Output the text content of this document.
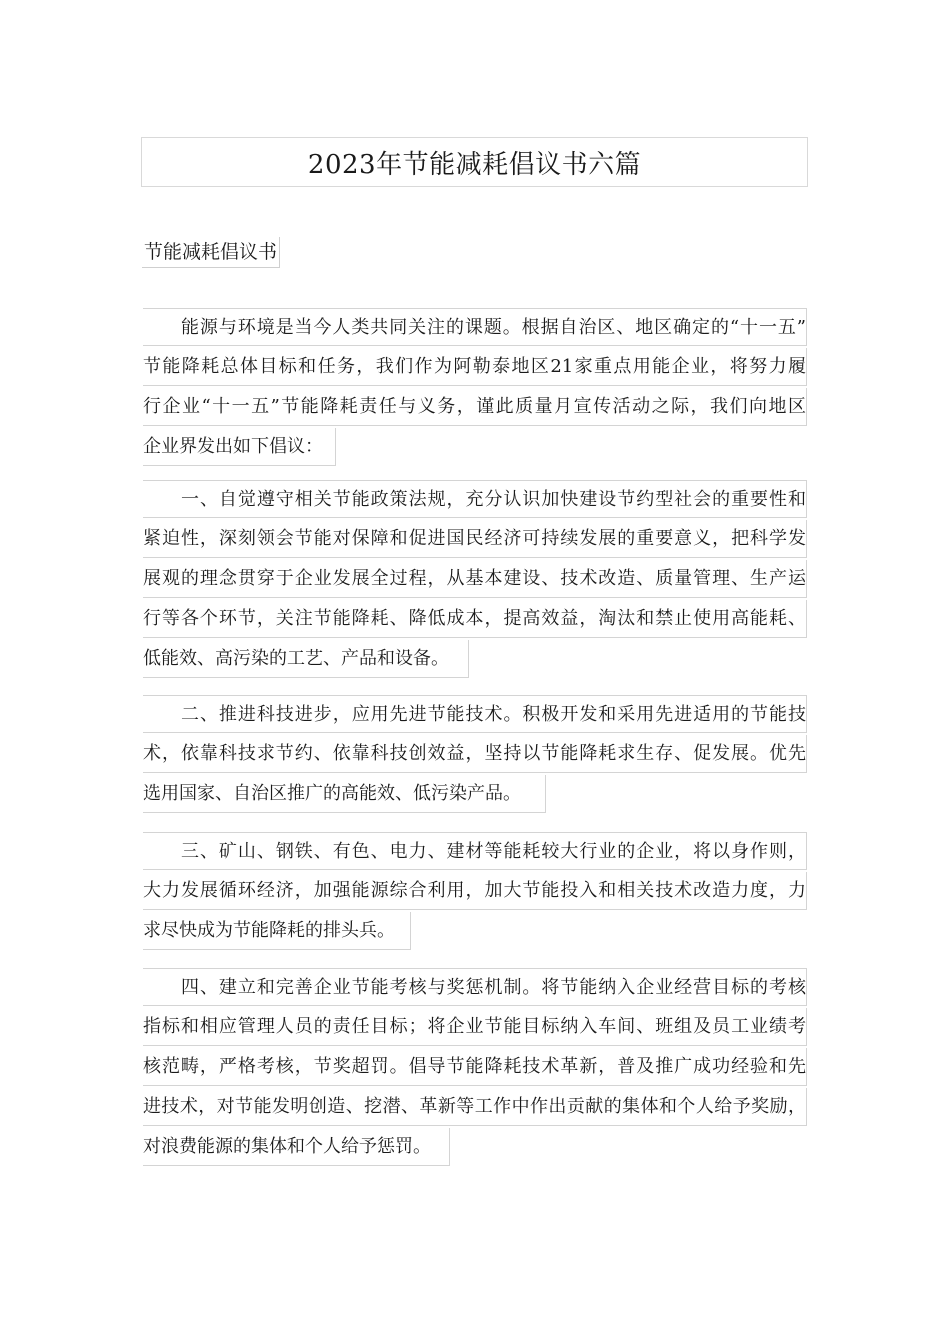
2023年节能减耗倡议书六篇
节能减耗倡议书
能源与环境是当今人类共同关注的课题。根据自治区、地区确定的“十一五”
节能降耗总体目标和任务，我们作为阿勒泰地区21家重点用能企业，将努力履
行企业“十一五”节能降耗责任与义务，谨此质量月宣传活动之际，我们向地区
企业界发出如下倡议：
一、自觉遵守相关节能政策法规，充分认识加快建设节约型社会的重要性和
紧迫性，深刻领会节能对保障和促进国民经济可持续发展的重要意义，把科学发
展观的理念贯穿于企业发展全过程，从基本建设、技术改造、质量管理、生产运
行等各个环节，关注节能降耗、降低成本，提高效益，淘汰和禁止使用高能耗、
低能效、高污染的工艺、产品和设备。
二、推进科技进步，应用先进节能技术。积极开发和采用先进适用的节能技
术，依靠科技求节约、依靠科技创效益，坚持以节能降耗求生存、促发展。优先
选用国家、自治区推广的高能效、低污染产品。
三、矿山、钢铁、有色、电力、建材等能耗较大行业的企业，将以身作则，
大力发展循环经济，加强能源综合利用，加大节能投入和相关技术改造力度，力
求尽快成为节能降耗的排头兵。
四、建立和完善企业节能考核与奖惩机制。将节能纳入企业经营目标的考核
指标和相应管理人员的责任目标；将企业节能目标纳入车间、班组及员工业绩考
核范畴，严格考核，节奖超罚。倡导节能降耗技术革新，普及推广成功经验和先
进技术，对节能发明创造、挖潜、革新等工作中作出贡献的集体和个人给予奖励，
对浪费能源的集体和个人给予惩罚。
